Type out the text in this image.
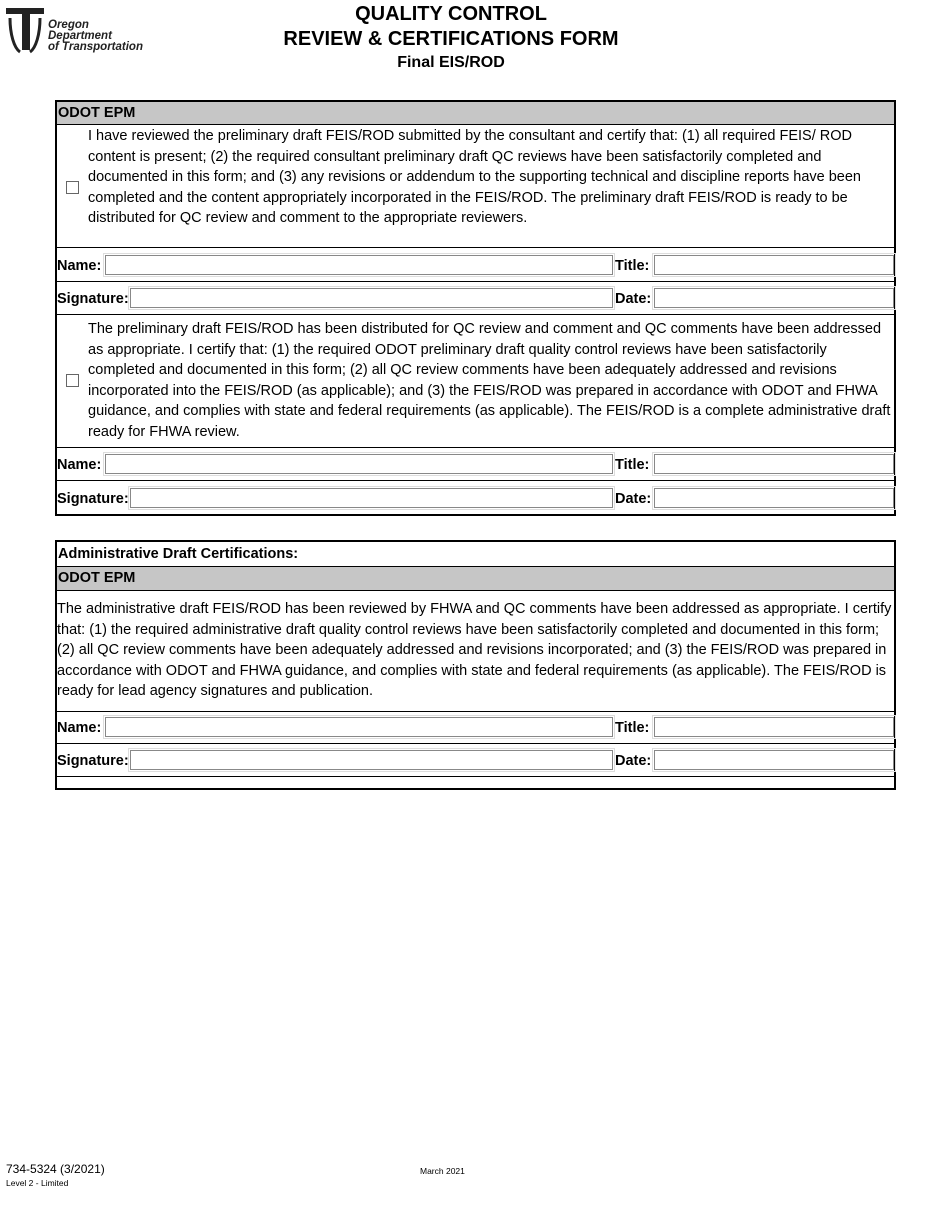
Oregon
Department
of Transportation
QUALITY CONTROL
REVIEW & CERTIFICATIONS FORM
Final EIS/ROD
ODOT EPM
I have reviewed the preliminary draft FEIS/ROD submitted by the consultant and certify that: (1) all required FEIS/ ROD content is present; (2) the required consultant preliminary draft QC reviews have been satisfactorily completed and documented in this form; and (3) any revisions or addendum to the supporting technical and discipline reports have been completed and the content appropriately incorporated in the FEIS/ROD. The preliminary draft FEIS/ROD is ready to be distributed for QC review and comment to the appropriate reviewers.
Name:	Title:
Signature:	Date:
The preliminary draft FEIS/ROD has been distributed for QC review and comment and QC comments have been addressed as appropriate. I certify that: (1) the required ODOT preliminary draft quality control reviews have been satisfactorily completed and documented in this form; (2) all QC review comments have been adequately addressed and revisions incorporated into the FEIS/ROD (as applicable); and (3) the FEIS/ROD was prepared in accordance with ODOT and FHWA guidance, and complies with state and federal requirements (as applicable). The FEIS/ROD is a complete administrative draft ready for FHWA review.
Name:	Title:
Signature:	Date:
Administrative Draft Certifications:
ODOT EPM
The administrative draft FEIS/ROD has been reviewed by FHWA and QC comments have been addressed as appropriate. I certify that: (1) the required administrative draft quality control reviews have been satisfactorily completed and documented in this form; (2) all QC review comments have been adequately addressed and revisions incorporated; and (3) the FEIS/ROD was prepared in accordance with ODOT and FHWA guidance, and complies with state and federal requirements (as applicable). The FEIS/ROD is ready for lead agency signatures and publication.
Name:	Title:
Signature:	Date:
734-5324 (3/2021)
Level 2 - Limited
March 2021
